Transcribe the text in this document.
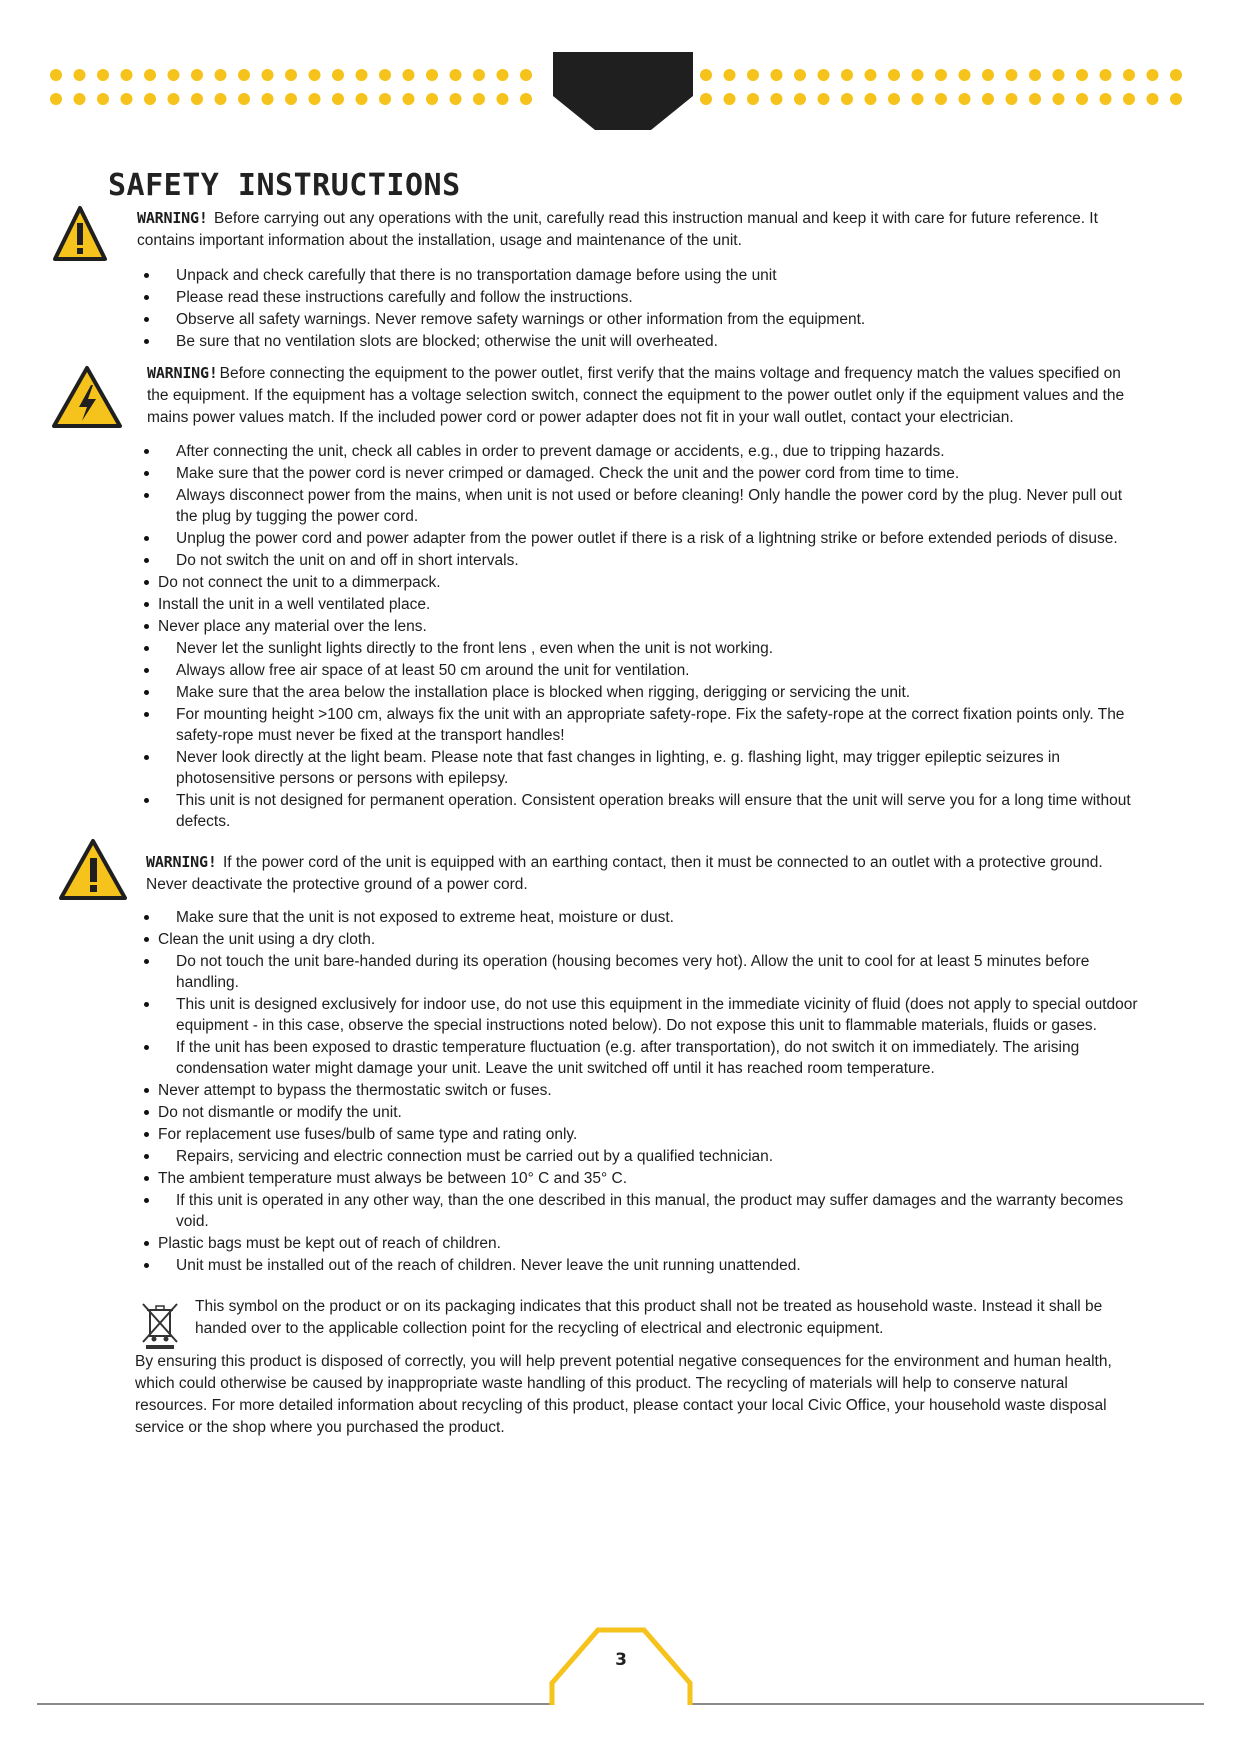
SAFETY INSTRUCTIONS

WARNING! Before carrying out any operations with the unit, carefully read this instruction manual and keep it with care for future reference. It contains important information about the installation, usage and maintenance of the unit.

Unpack and check carefully that there is no transportation damage before using the unit
Please read these instructions carefully and follow the instructions.
Observe all safety warnings. Never remove safety warnings or other information from the equipment.
Be sure that no ventilation slots are blocked; otherwise the unit will overheated.

WARNING! Before connecting the equipment to the power outlet, first verify that the mains voltage and frequency match the values specified on the equipment. If the equipment has a voltage selection switch, connect the equipment to the power outlet only if the equipment values and the mains power values match. If the included power cord or power adapter does not fit in your wall outlet, contact your electrician.

After connecting the unit, check all cables in order to prevent damage or accidents, e.g., due to tripping hazards.
Make sure that the power cord is never crimped or damaged. Check the unit and the power cord from time to time.
Always disconnect power from the mains, when unit is not used or before cleaning! Only handle the power cord by the plug. Never pull out the plug by tugging the power cord.
Unplug the power cord and power adapter from the power outlet if there is a risk of a lightning strike or before extended periods of disuse.
Do not switch the unit on and off in short intervals.
Do not connect the unit to a dimmerpack.
Install the unit in a well ventilated place.
Never place any material over the lens.
Never let the sunlight lights directly to the front lens , even when the unit is not working.
Always allow free air space of at least 50 cm around the unit for ventilation.
Make sure that the area below the installation place is blocked when rigging, derigging or servicing the unit.
For mounting height >100 cm, always fix the unit with an appropriate safety-rope. Fix the safety-rope at the correct fixation points only. The safety-rope must never be fixed at the transport handles!
Never look directly at the light beam. Please note that fast changes in lighting, e. g. flashing light, may trigger epileptic seizures in photosensitive persons or persons with epilepsy.
This unit is not designed for permanent operation. Consistent operation breaks will ensure that the unit will serve you for a long time without defects.

WARNING! If the power cord of the unit is equipped with an earthing contact, then it must be connected to an outlet with a protective ground. Never deactivate the protective ground of a power cord.

Make sure that the unit is not exposed to extreme heat, moisture or dust.
Clean the unit using a dry cloth.
Do not touch the unit bare-handed during its operation (housing becomes very hot). Allow the unit to cool for at least 5 minutes before handling.
This unit is designed exclusively for indoor use, do not use this equipment in the immediate vicinity of fluid (does not apply to special outdoor equipment - in this case, observe the special instructions noted below). Do not expose this unit to flammable materials, fluids or gases.
If the unit has been exposed to drastic temperature fluctuation (e.g. after transportation), do not switch it on immediately. The arising condensation water might damage your unit. Leave the unit switched off until it has reached room temperature.
Never attempt to bypass the thermostatic switch or fuses.
Do not dismantle or modify the unit.
For replacement use fuses/bulb of same type and rating only.
Repairs, servicing and electric connection must be carried out by a qualified technician.
The ambient temperature must always be between 10° C and 35° C.
If this unit is operated in any other way, than the one described in this manual, the product may suffer damages and the warranty becomes void.
Plastic bags must be kept out of reach of children.
Unit must be installed out of the reach of children. Never leave the unit running unattended.

This symbol on the product or on its packaging indicates that this product shall not be treated as household waste. Instead it shall be handed over to the applicable collection point for the recycling of electrical and electronic equipment.

By ensuring this product is disposed of correctly, you will help prevent potential negative consequences for the environment and human health, which could otherwise be caused by inappropriate waste handling of this product. The recycling of materials will help to conserve natural resources. For more detailed information about recycling of this product, please contact your local Civic Office, your household waste disposal service or the shop where you purchased the product.

3
